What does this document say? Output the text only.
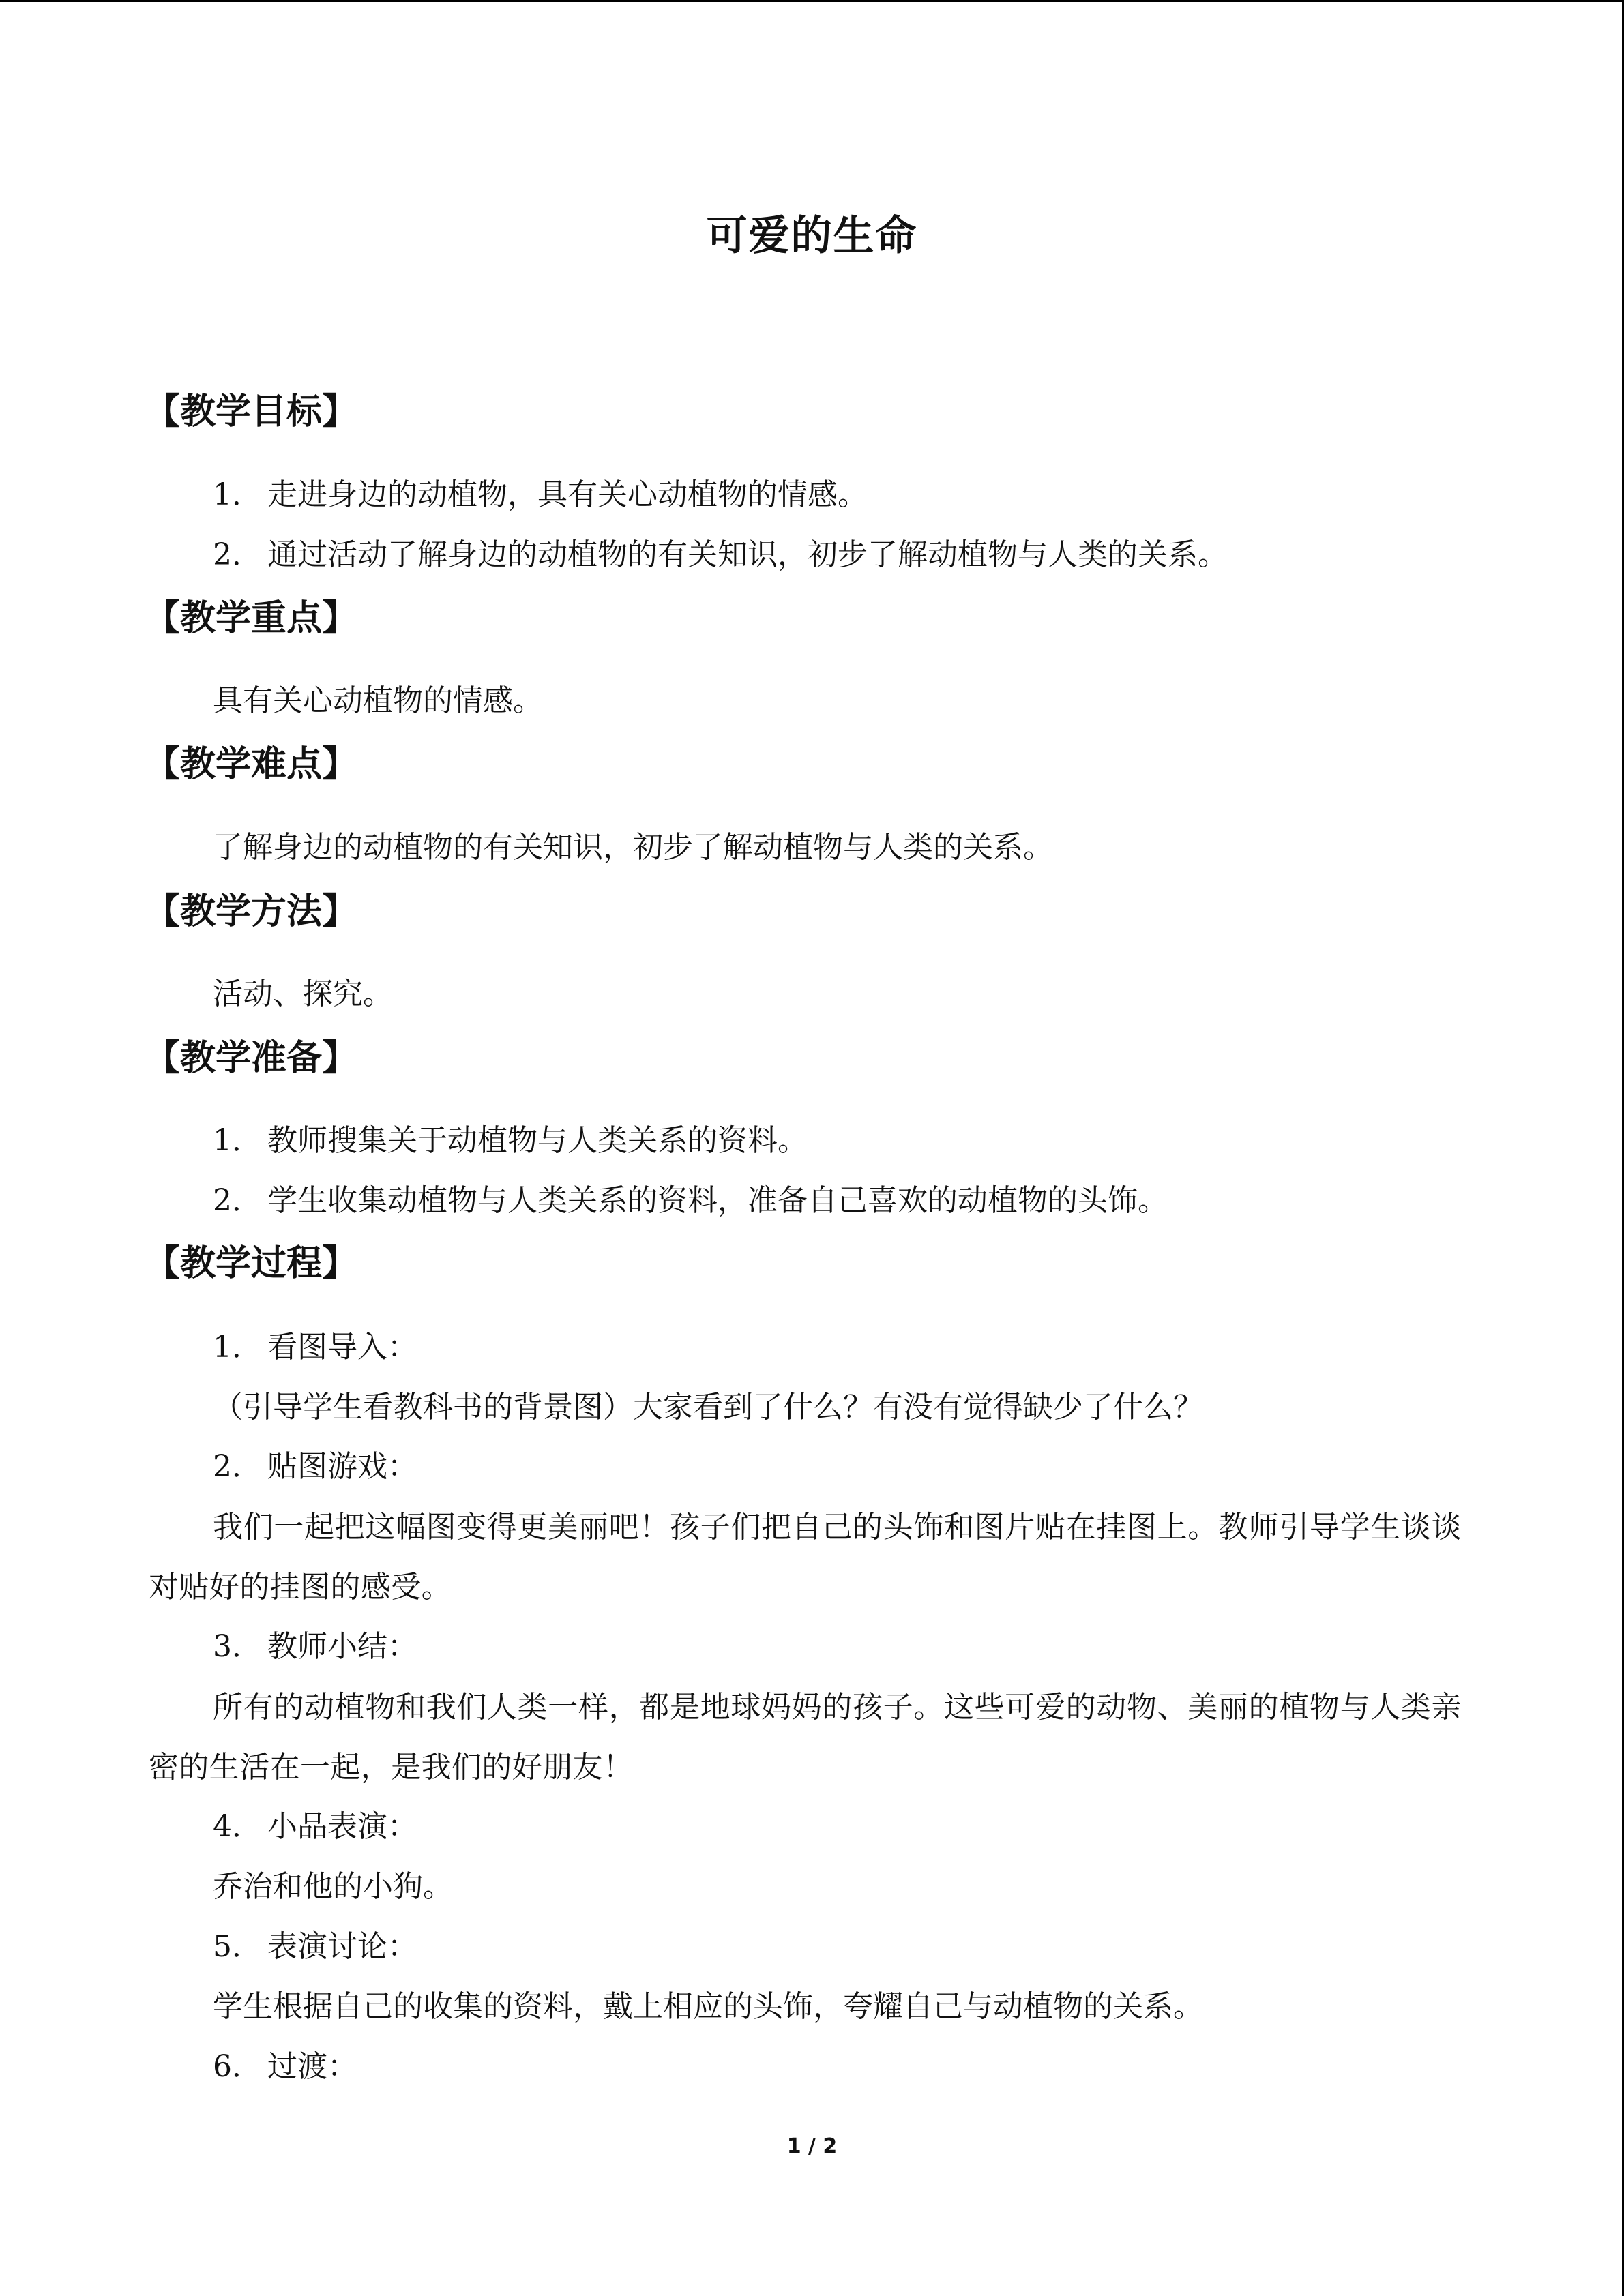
可爱的生命
【教学目标】
1． 走进身边的动植物，具有关心动植物的情感。
2． 通过活动了解身边的动植物的有关知识，初步了解动植物与人类的关系。
【教学重点】
具有关心动植物的情感。
【教学难点】
了解身边的动植物的有关知识，初步了解动植物与人类的关系。
【教学方法】
活动、探究。
【教学准备】
1． 教师搜集关于动植物与人类关系的资料。
2． 学生收集动植物与人类关系的资料，准备自己喜欢的动植物的头饰。
【教学过程】
1． 看图导入：
（引导学生看教科书的背景图）大家看到了什么？有没有觉得缺少了什么？
2． 贴图游戏：
我们一起把这幅图变得更美丽吧！孩子们把自己的头饰和图片贴在挂图上。教师引导学生谈谈对贴好的挂图的感受。
3． 教师小结：
所有的动植物和我们人类一样，都是地球妈妈的孩子。这些可爱的动物、美丽的植物与人类亲密的生活在一起，是我们的好朋友！
4． 小品表演：
乔治和他的小狗。
5． 表演讨论：
学生根据自己的收集的资料，戴上相应的头饰，夸耀自己与动植物的关系。
6． 过渡：
1 / 2
